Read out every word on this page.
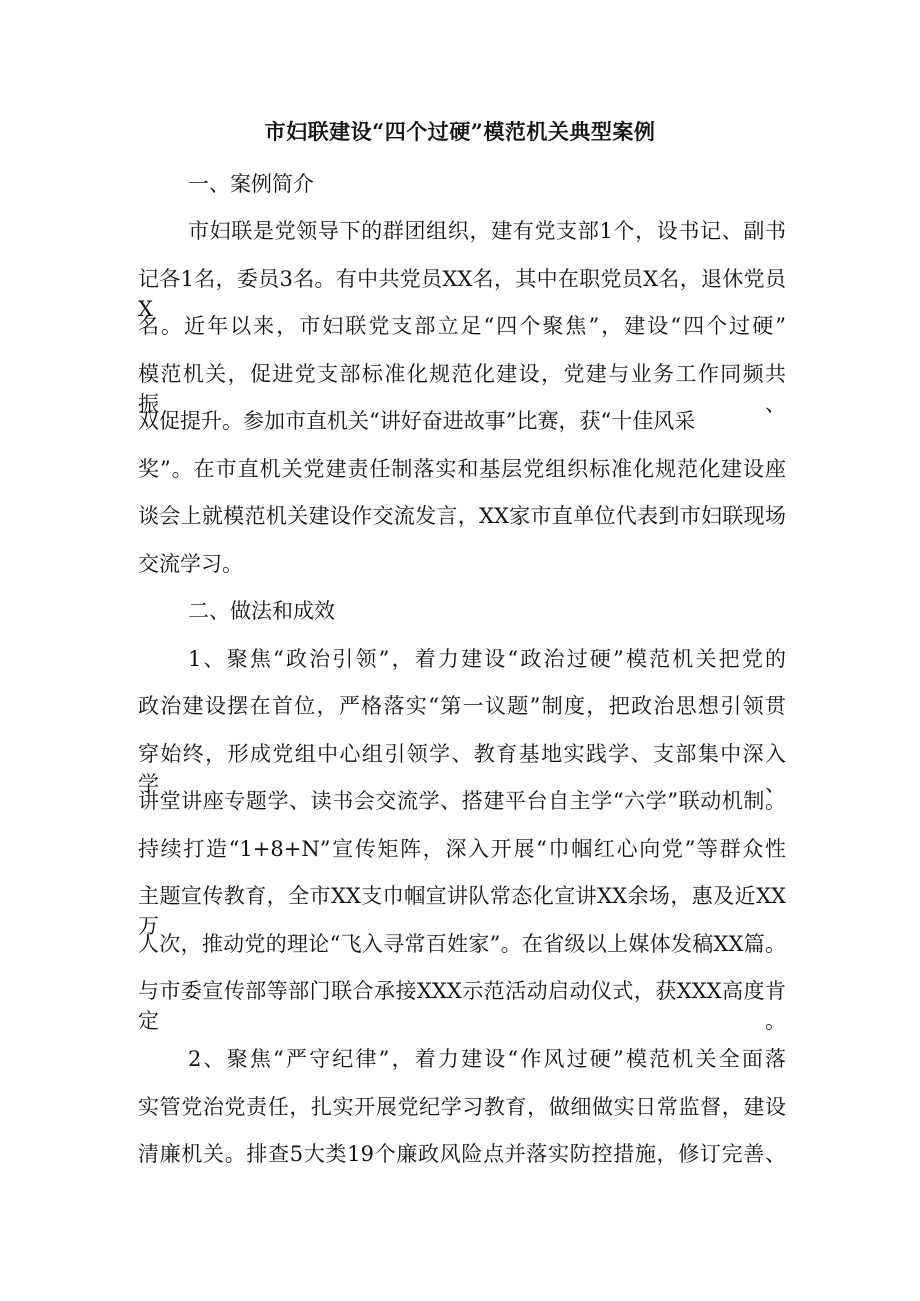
市妇联建设“四个过硬”模范机关典型案例
一、案例简介
市妇联是党领导下的群团组织，建有党支部1个，设书记、副书
记各1名，委员3名。有中共党员XX名，其中在职党员X名，退休党员X
名。近年以来，市妇联党支部立足“四个聚焦”，建设“四个过硬”
模范机关，促进党支部标准化规范化建设，党建与业务工作同频共振、
双促提升。参加市直机关“讲好奋进故事”比赛，获“十佳风采
奖”。在市直机关党建责任制落实和基层党组织标准化规范化建设座
谈会上就模范机关建设作交流发言，XX家市直单位代表到市妇联现场
交流学习。
二、做法和成效
1、聚焦“政治引领”，着力建设“政治过硬”模范机关把党的
政治建设摆在首位，严格落实“第一议题”制度，把政治思想引领贯
穿始终，形成党组中心组引领学、教育基地实践学、支部集中深入学、
讲堂讲座专题学、读书会交流学、搭建平台自主学“六学”联动机制。
持续打造“1+8+N”宣传矩阵，深入开展“巾帼红心向党”等群众性
主题宣传教育，全市XX支巾帼宣讲队常态化宣讲XX余场，惠及近XX万
人次，推动党的理论“飞入寻常百姓家”。在省级以上媒体发稿XX篇。
与市委宣传部等部门联合承接XXX示范活动启动仪式，获XXX高度肯定。
2、聚焦“严守纪律”，着力建设“作风过硬”模范机关全面落
实管党治党责任，扎实开展党纪学习教育，做细做实日常监督，建设
清廉机关。排查5大类19个廉政风险点并落实防控措施，修订完善、
